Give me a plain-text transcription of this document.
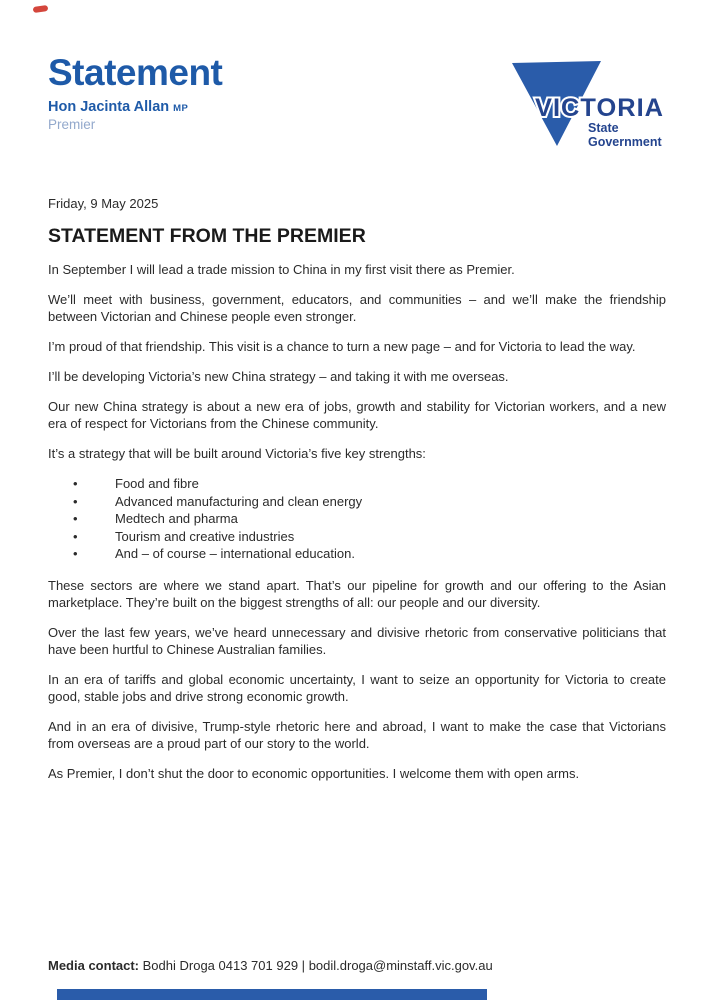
Statement
Hon Jacinta Allan MP
Premier
VICTORIA
State
Government
Friday, 9 May 2025
STATEMENT FROM THE PREMIER

In September I will lead a trade mission to China in my first visit there as Premier.

We’ll meet with business, government, educators, and communities – and we’ll make the friendship between Victorian and Chinese people even stronger.

I’m proud of that friendship. This visit is a chance to turn a new page – and for Victoria to lead the way.

I’ll be developing Victoria’s new China strategy – and taking it with me overseas.

Our new China strategy is about a new era of jobs, growth and stability for Victorian workers, and a new era of respect for Victorians from the Chinese community.

It’s a strategy that will be built around Victoria’s five key strengths:

• Food and fibre
• Advanced manufacturing and clean energy
• Medtech and pharma
• Tourism and creative industries
• And – of course – international education.

These sectors are where we stand apart. That’s our pipeline for growth and our offering to the Asian marketplace. They’re built on the biggest strengths of all: our people and our diversity.

Over the last few years, we’ve heard unnecessary and divisive rhetoric from conservative politicians that have been hurtful to Chinese Australian families.

In an era of tariffs and global economic uncertainty, I want to seize an opportunity for Victoria to create good, stable jobs and drive strong economic growth.

And in an era of divisive, Trump-style rhetoric here and abroad, I want to make the case that Victorians from overseas are a proud part of our story to the world.

As Premier, I don’t shut the door to economic opportunities. I welcome them with open arms.

Media contact: Bodhi Droga 0413 701 929 | bodil.droga@minstaff.vic.gov.au
